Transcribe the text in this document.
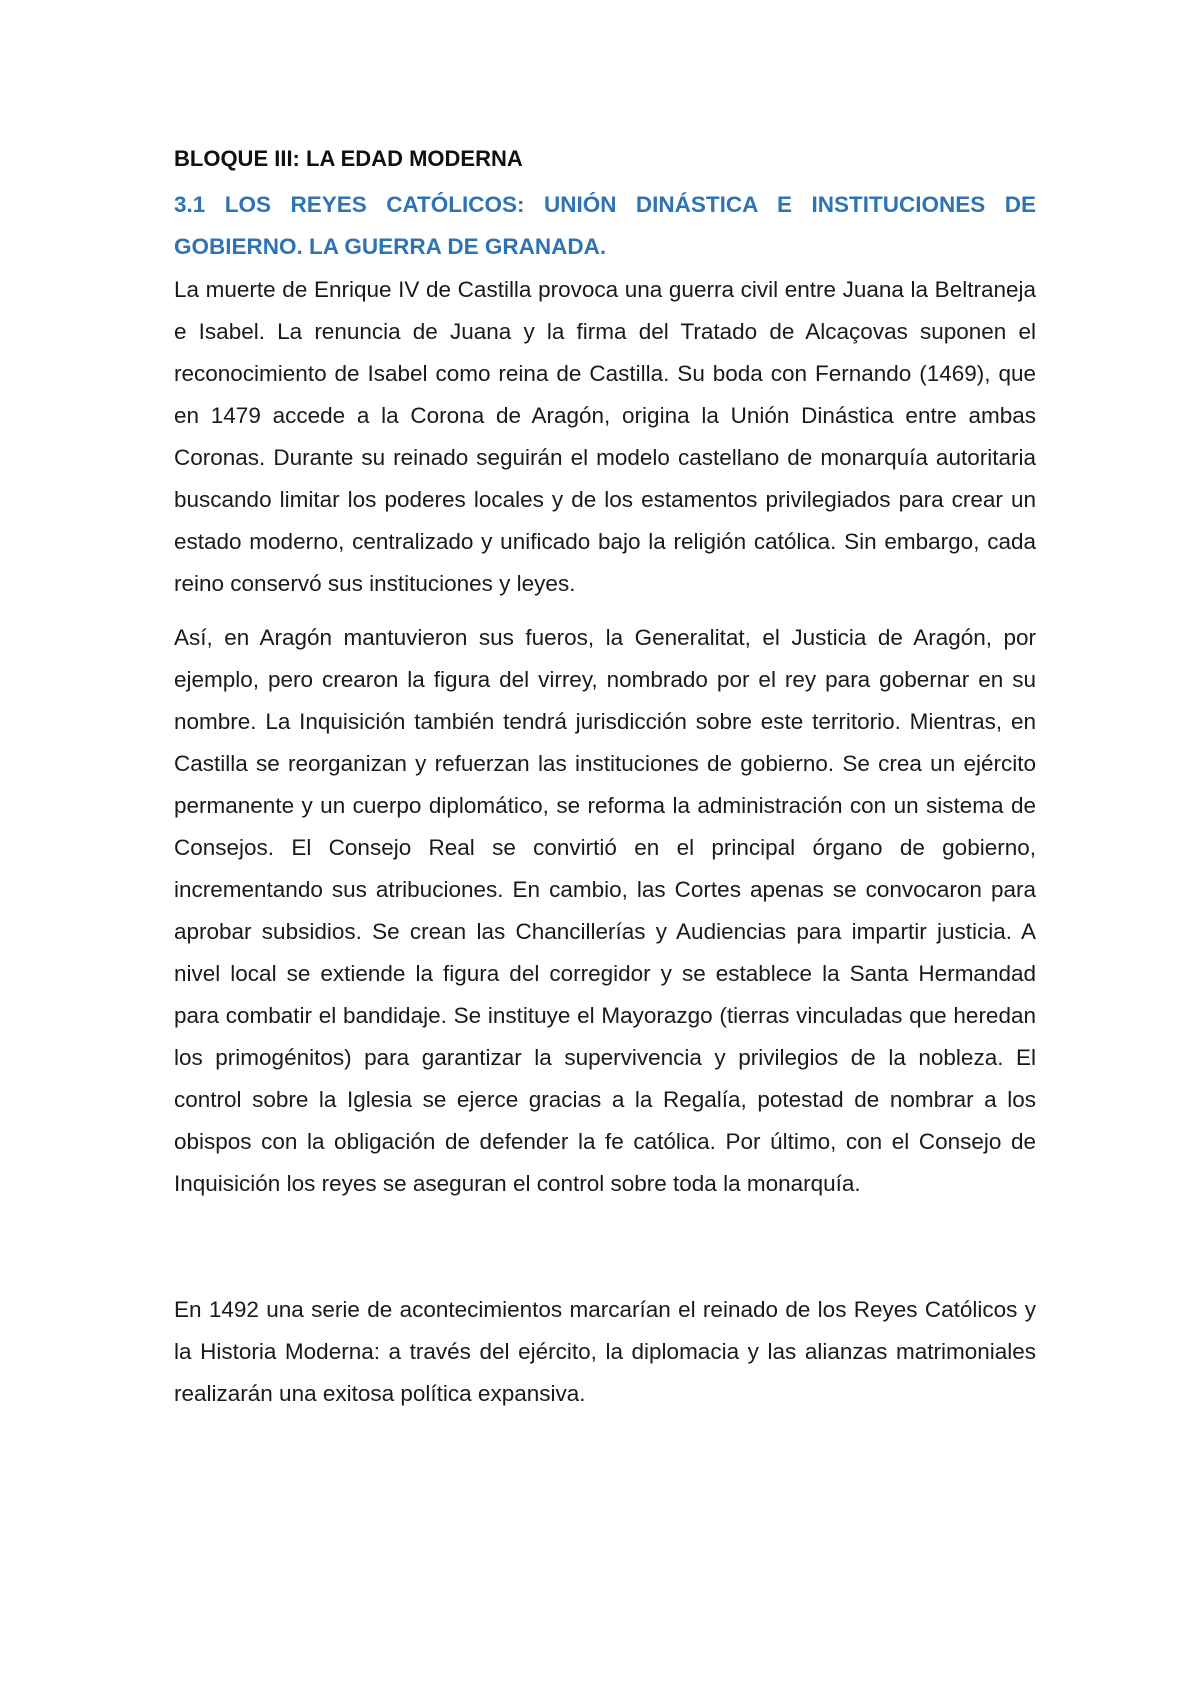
BLOQUE III: LA EDAD MODERNA
3.1 LOS REYES CATÓLICOS: UNIÓN DINÁSTICA E INSTITUCIONES DE GOBIERNO. LA GUERRA DE GRANADA.

La muerte de Enrique IV de Castilla provoca una guerra civil entre Juana la Beltraneja e Isabel. La renuncia de Juana y la firma del Tratado de Alcaçovas suponen el reconocimiento de Isabel como reina de Castilla. Su boda con Fernando (1469), que en 1479 accede a la Corona de Aragón, origina la Unión Dinástica entre ambas Coronas. Durante su reinado seguirán el modelo castellano de monarquía autoritaria buscando limitar los poderes locales y de los estamentos privilegiados para crear un estado moderno, centralizado y unificado bajo la religión católica. Sin embargo, cada reino conservó sus instituciones y leyes.

Así, en Aragón mantuvieron sus fueros, la Generalitat, el Justicia de Aragón, por ejemplo, pero crearon la figura del virrey, nombrado por el rey para gobernar en su nombre. La Inquisición también tendrá jurisdicción sobre este territorio. Mientras, en Castilla se reorganizan y refuerzan las instituciones de gobierno. Se crea un ejército permanente y un cuerpo diplomático, se reforma la administración con un sistema de Consejos. El Consejo Real se convirtió en el principal órgano de gobierno, incrementando sus atribuciones. En cambio, las Cortes apenas se convocaron para aprobar subsidios. Se crean las Chancillerías y Audiencias para impartir justicia. A nivel local se extiende la figura del corregidor y se establece la Santa Hermandad para combatir el bandidaje. Se instituye el Mayorazgo (tierras vinculadas que heredan los primogénitos) para garantizar la supervivencia y privilegios de la nobleza. El control sobre la Iglesia se ejerce gracias a la Regalía, potestad de nombrar a los obispos con la obligación de defender la fe católica. Por último, con el Consejo de Inquisición los reyes se aseguran el control sobre toda la monarquía.

En 1492 una serie de acontecimientos marcarían el reinado de los Reyes Católicos y la Historia Moderna: a través del ejército, la diplomacia y las alianzas matrimoniales realizarán una exitosa política expansiva.
